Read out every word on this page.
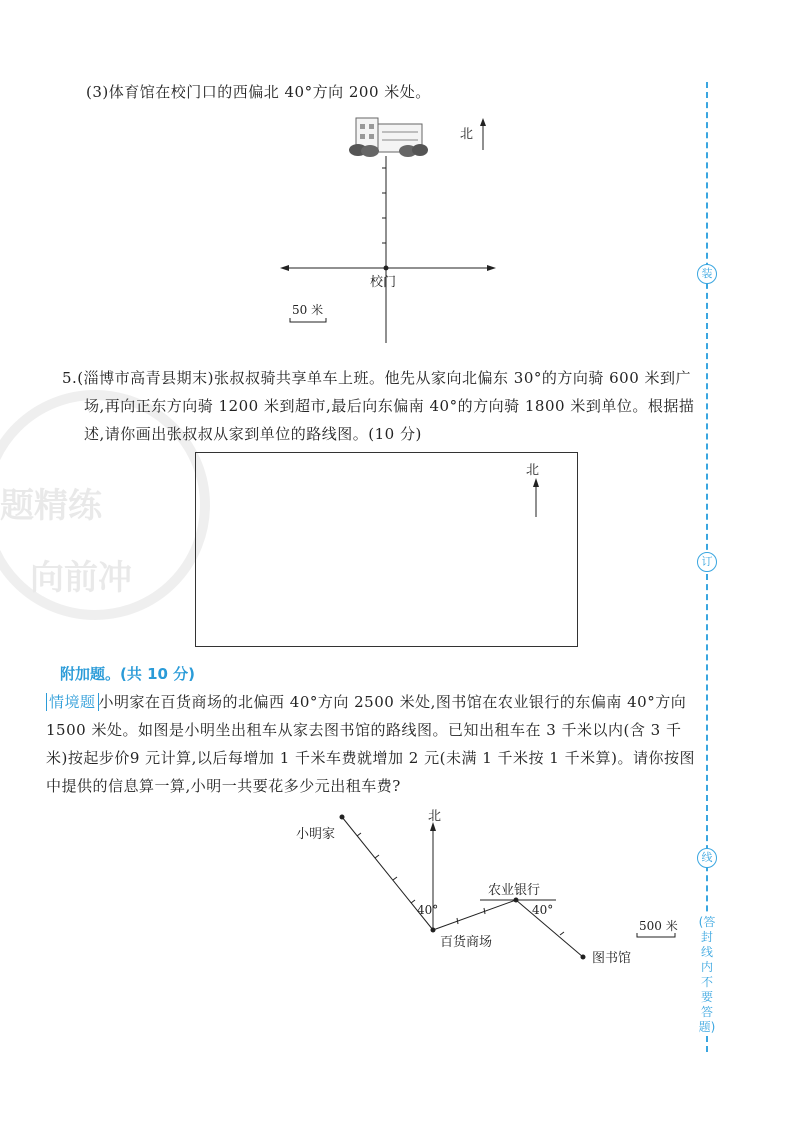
题精练
向前冲
装
订
线
(答封线内不要答题)
(3)体育馆在校门口的西偏北 40°方向 200 米处。
北
校门
50 米
5.(淄博市高青县期末)张叔叔骑共享单车上班。他先从家向北偏东 30°的方向骑 600 米到广
场,再向正东方向骑 1200 米到超市,最后向东偏南 40°的方向骑 1800 米到单位。根据描
述,请你画出张叔叔从家到单位的路线图。(10 分)
北
附加题。(共 10 分)
情境题 小明家在百货商场的北偏西 40°方向 2500 米处,图书馆在农业银行的东偏南 40°方向
1500 米处。如图是小明坐出租车从家去图书馆的路线图。已知出租车在 3 千米以内(含 3 千
米)按起步价9 元计算,以后每增加 1 千米车费就增加 2 元(未满 1 千米按 1 千米算)。请你按图
中提供的信息算一算,小明一共要花多少元出租车费?
北
小明家
40°
百货商场
农业银行
40°
图书馆
500 米
